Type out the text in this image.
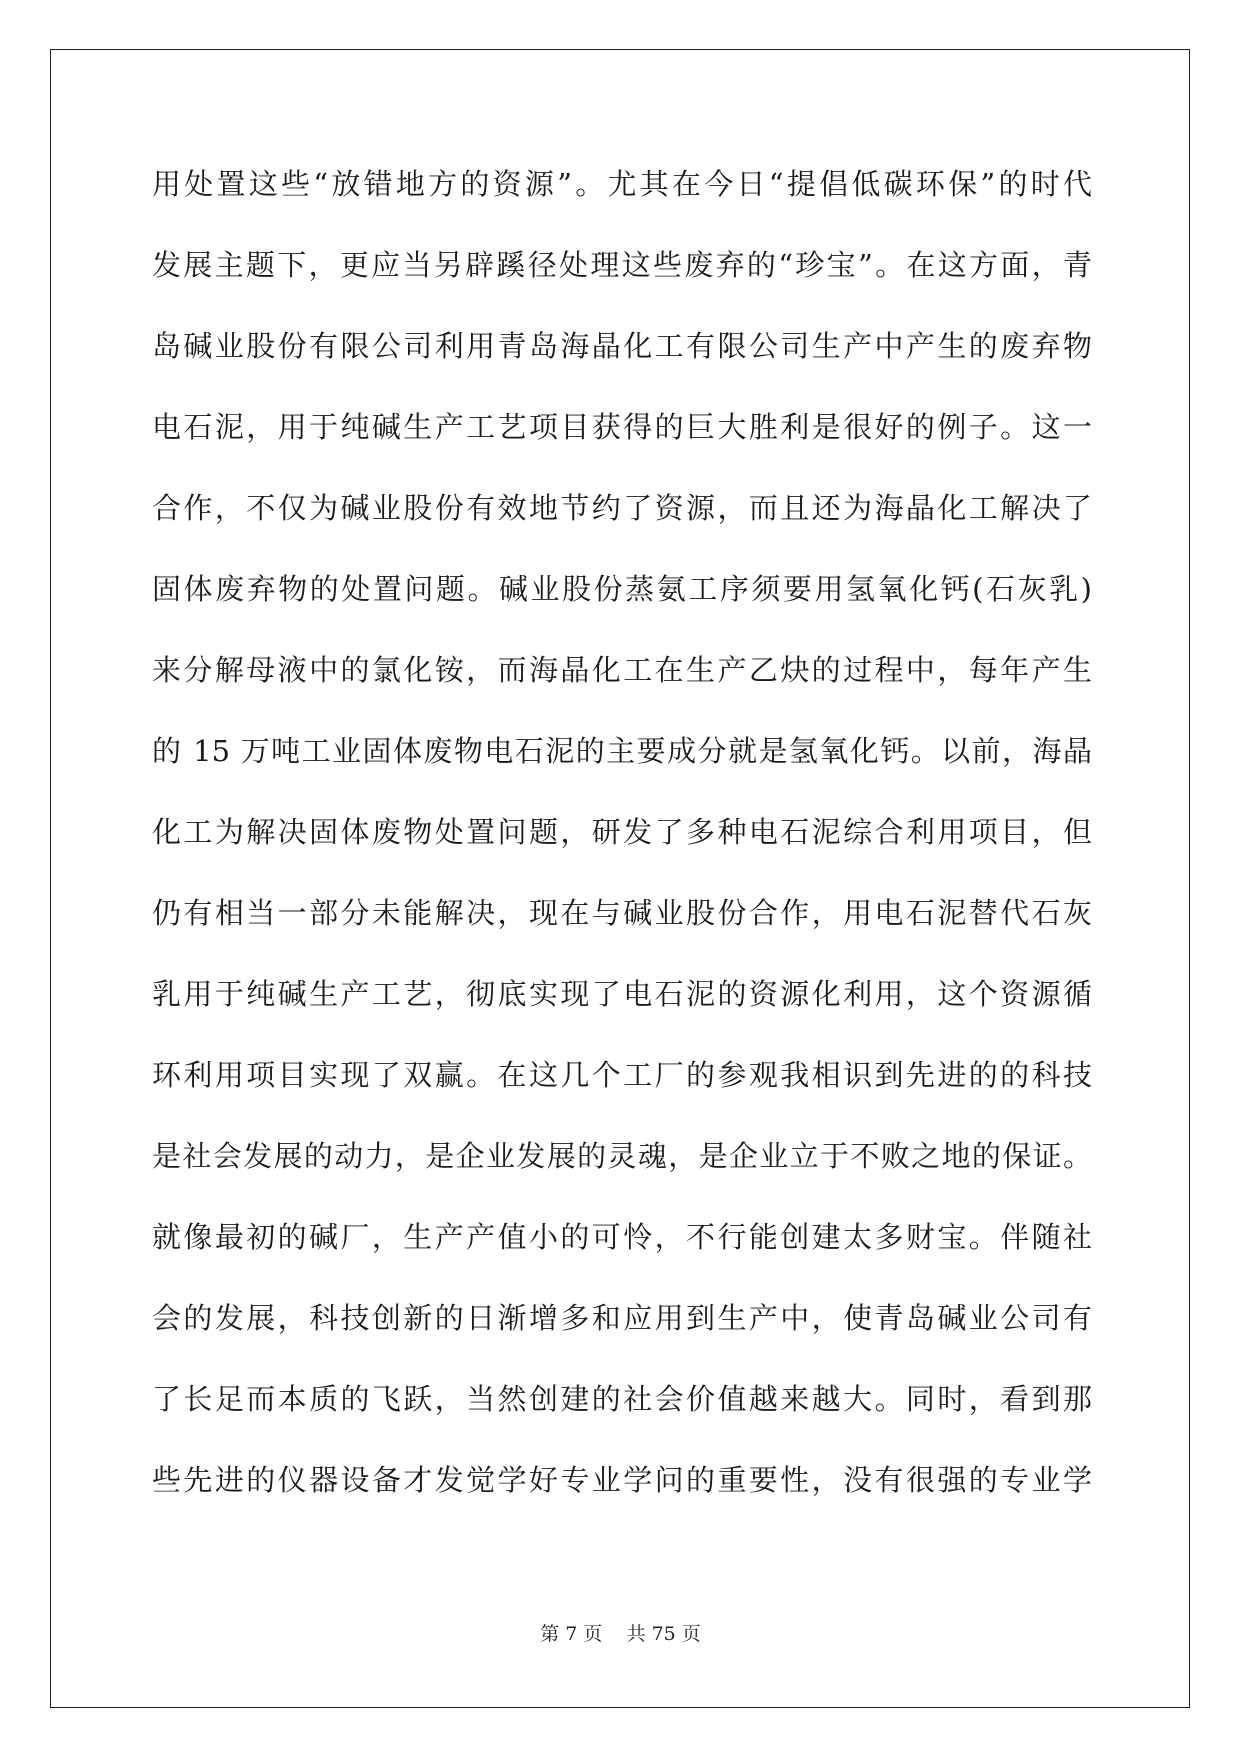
用处置这些“放错地方的资源”。尤其在今日“提倡低碳环保”的时代
发展主题下，更应当另辟蹊径处理这些废弃的“珍宝”。在这方面，青
岛碱业股份有限公司利用青岛海晶化工有限公司生产中产生的废弃物
电石泥，用于纯碱生产工艺项目获得的巨大胜利是很好的例子。这一
合作，不仅为碱业股份有效地节约了资源，而且还为海晶化工解决了
固体废弃物的处置问题。碱业股份蒸氨工序须要用氢氧化钙(石灰乳)
来分解母液中的氯化铵，而海晶化工在生产乙炔的过程中，每年产生
的 15 万吨工业固体废物电石泥的主要成分就是氢氧化钙。以前，海晶
化工为解决固体废物处置问题，研发了多种电石泥综合利用项目，但
仍有相当一部分未能解决，现在与碱业股份合作，用电石泥替代石灰
乳用于纯碱生产工艺，彻底实现了电石泥的资源化利用，这个资源循
环利用项目实现了双赢。在这几个工厂的参观我相识到先进的的科技
是社会发展的动力，是企业发展的灵魂，是企业立于不败之地的保证。
就像最初的碱厂，生产产值小的可怜，不行能创建太多财宝。伴随社
会的发展，科技创新的日渐增多和应用到生产中，使青岛碱业公司有
了长足而本质的飞跃，当然创建的社会价值越来越大。同时，看到那
些先进的仪器设备才发觉学好专业学问的重要性，没有很强的专业学
第 7 页    共 75 页
